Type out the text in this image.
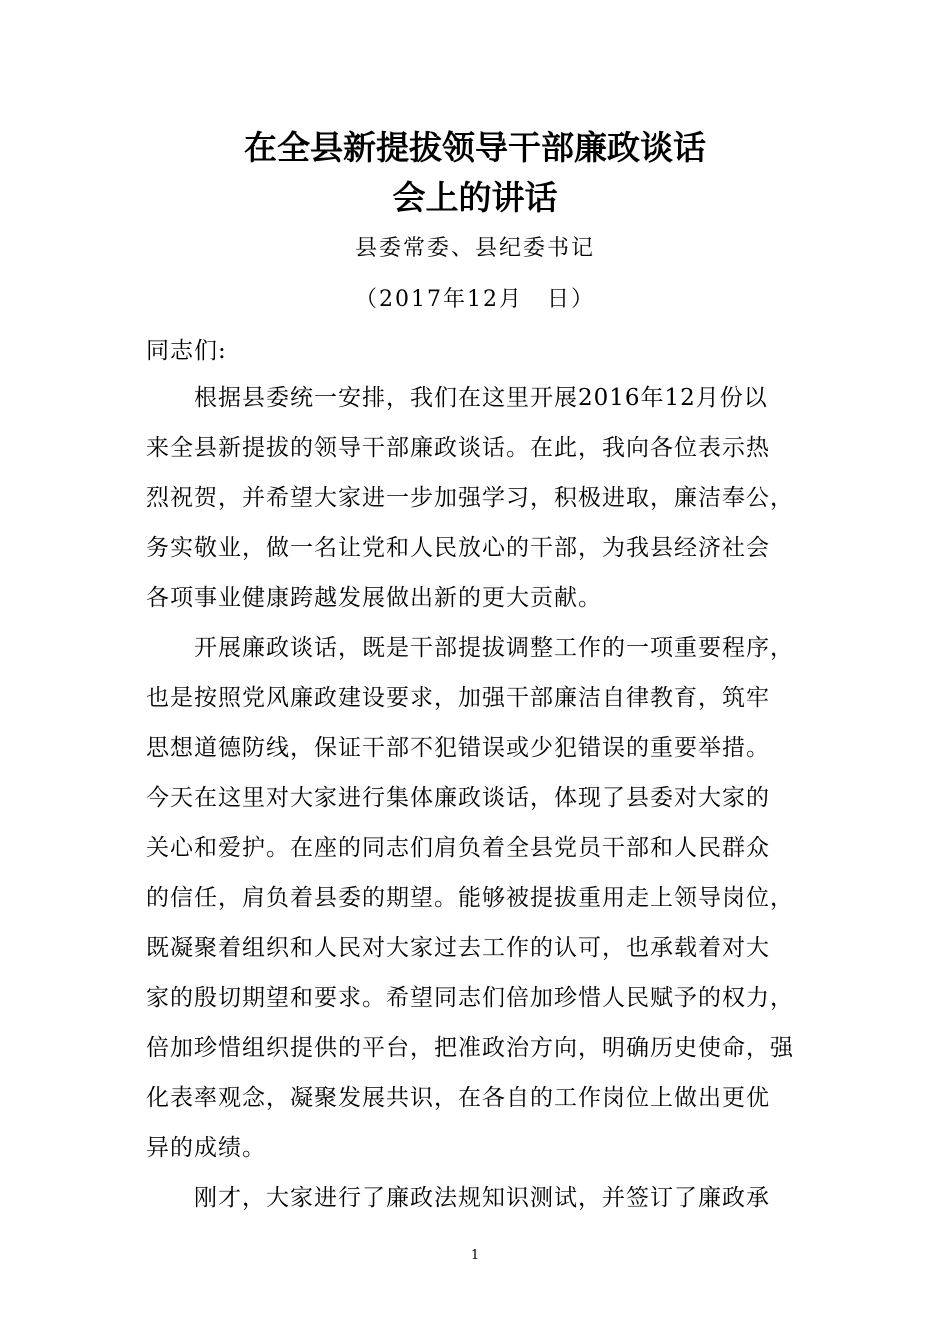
在全县新提拔领导干部廉政谈话
会上的讲话
县委常委、县纪委书记
（2017年12月　日）
同志们:
　　根据县委统一安排，我们在这里开展2016年12月份以
来全县新提拔的领导干部廉政谈话。在此，我向各位表示热
烈祝贺，并希望大家进一步加强学习，积极进取，廉洁奉公，
务实敬业，做一名让党和人民放心的干部，为我县经济社会
各项事业健康跨越发展做出新的更大贡献。
　　开展廉政谈话，既是干部提拔调整工作的一项重要程序，
也是按照党风廉政建设要求，加强干部廉洁自律教育，筑牢
思想道德防线，保证干部不犯错误或少犯错误的重要举措。
今天在这里对大家进行集体廉政谈话，体现了县委对大家的
关心和爱护。在座的同志们肩负着全县党员干部和人民群众
的信任，肩负着县委的期望。能够被提拔重用走上领导岗位，
既凝聚着组织和人民对大家过去工作的认可，也承载着对大
家的殷切期望和要求。希望同志们倍加珍惜人民赋予的权力，
倍加珍惜组织提供的平台，把准政治方向，明确历史使命，强
化表率观念，凝聚发展共识，在各自的工作岗位上做出更优
异的成绩。
　　刚才，大家进行了廉政法规知识测试，并签订了廉政承
1
